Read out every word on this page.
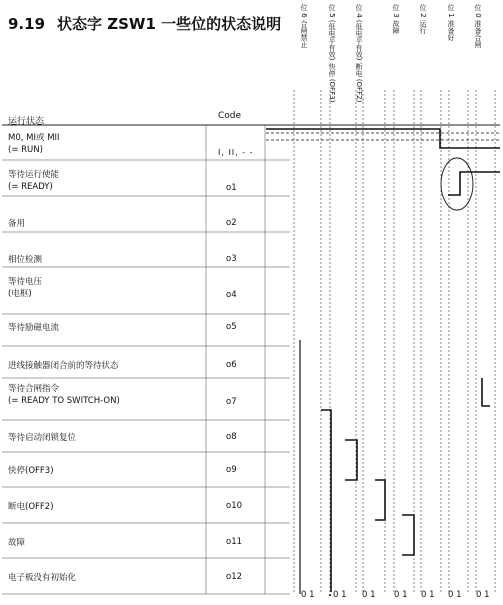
9.19 状态字 ZSW1 一些位的状态说明	位 6 合闸禁止	位 5 (低电平有效) 快停 (OFF3)	位 4 (低电平有效) 断电 (OFF2)	位 3 故障	位 2 运行	位 1 准备好	位 0 准备合闸
运行状态
Code
M0, MI或 MII
(= RUN)	I, II, - -
等待运行使能
(= READY)	o1
备用	o2
相位检测	o3
等待电压
(电枢)	o4
等待励磁电流	o5
进线接触器闭合前的等待状态	o6
等待合闸指令
(= READY TO SWITCH-ON)	o7
等待启动闭锁复位	o8
快停(OFF3)	o9
断电(OFF2)	o10
故障	o11
电子板没有初始化	o12
0 1 0 1 0 1 0 1 0 1 0 1 0 1
